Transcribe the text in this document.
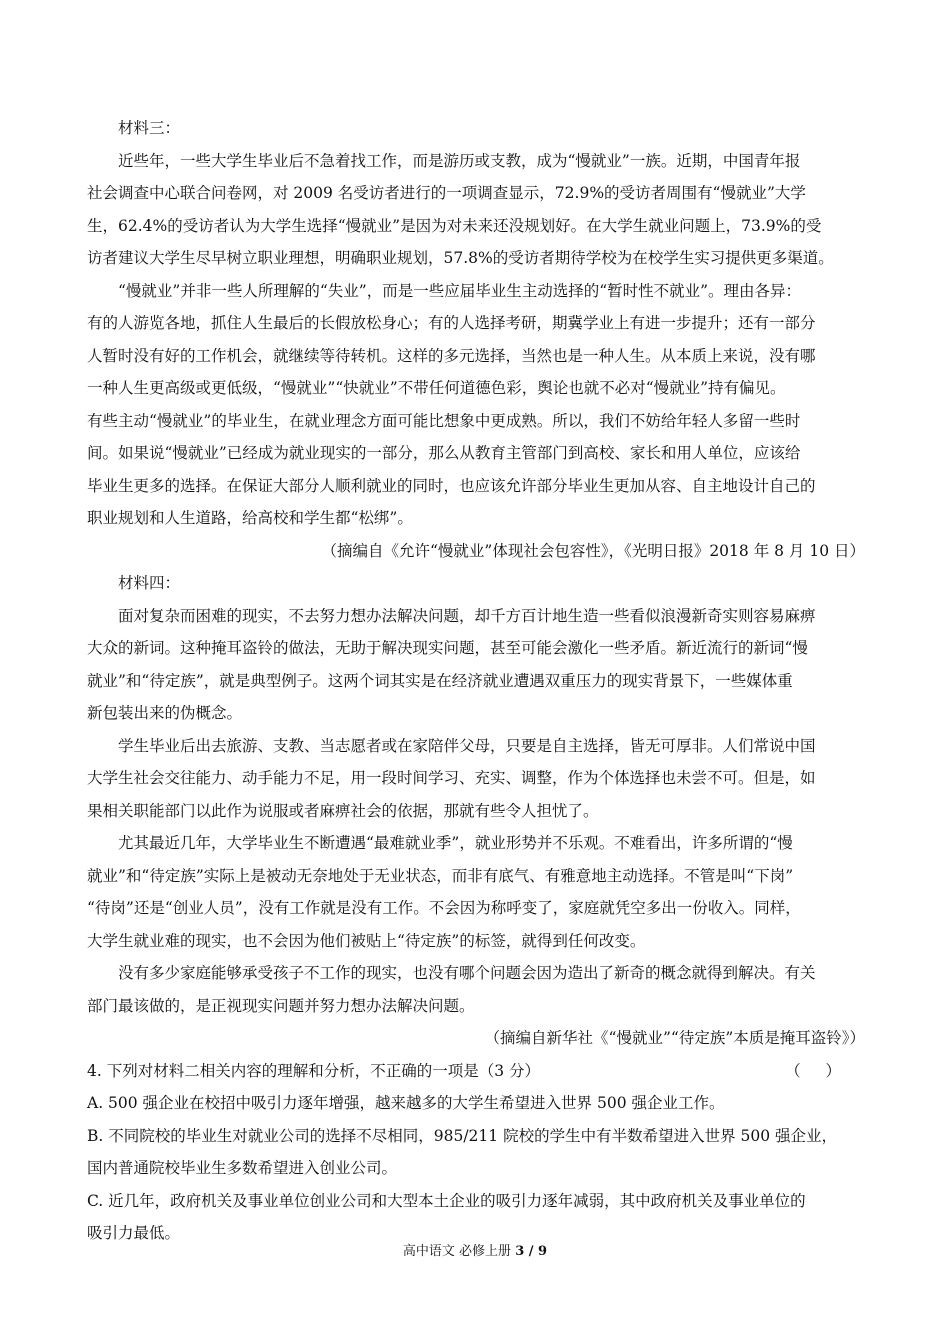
材料三：
近些年，一些大学生毕业后不急着找工作，而是游历或支教，成为“慢就业”一族。近期，中国青年报
社会调查中心联合问卷网，对 2009 名受访者进行的一项调查显示，72.9%的受访者周围有“慢就业”大学
生，62.4%的受访者认为大学生选择“慢就业”是因为对未来还没规划好。在大学生就业问题上，73.9%的受
访者建议大学生尽早树立职业理想，明确职业规划，57.8%的受访者期待学校为在校学生实习提供更多渠道。
“慢就业”并非一些人所理解的“失业”，而是一些应届毕业生主动选择的“暂时性不就业”。理由各异：
有的人游览各地，抓住人生最后的长假放松身心；有的人选择考研，期冀学业上有进一步提升；还有一部分
人暂时没有好的工作机会，就继续等待转机。这样的多元选择，当然也是一种人生。从本质上来说，没有哪
一种人生更高级或更低级，“慢就业”“快就业”不带任何道德色彩，舆论也就不必对“慢就业”持有偏见。
有些主动“慢就业”的毕业生，在就业理念方面可能比想象中更成熟。所以，我们不妨给年轻人多留一些时
间。如果说“慢就业”已经成为就业现实的一部分，那么从教育主管部门到高校、家长和用人单位，应该给
毕业生更多的选择。在保证大部分人顺利就业的同时，也应该允许部分毕业生更加从容、自主地设计自己的
职业规划和人生道路，给高校和学生都“松绑”。
（摘编自《允许“慢就业”体现社会包容性》，《光明日报》2018 年 8 月 10 日）
材料四：
面对复杂而困难的现实，不去努力想办法解决问题，却千方百计地生造一些看似浪漫新奇实则容易麻痹
大众的新词。这种掩耳盗铃的做法，无助于解决现实问题，甚至可能会激化一些矛盾。新近流行的新词“慢
就业”和“待定族”，就是典型例子。这两个词其实是在经济就业遭遇双重压力的现实背景下，一些媒体重
新包装出来的伪概念。
学生毕业后出去旅游、支教、当志愿者或在家陪伴父母，只要是自主选择，皆无可厚非。人们常说中国
大学生社会交往能力、动手能力不足，用一段时间学习、充实、调整，作为个体选择也未尝不可。但是，如
果相关职能部门以此作为说服或者麻痹社会的依据，那就有些令人担忧了。
尤其最近几年，大学毕业生不断遭遇“最难就业季”，就业形势并不乐观。不难看出，许多所谓的“慢
就业”和“待定族”实际上是被动无奈地处于无业状态，而非有底气、有雅意地主动选择。不管是叫“下岗”
“待岗”还是“创业人员”，没有工作就是没有工作。不会因为称呼变了，家庭就凭空多出一份收入。同样，
大学生就业难的现实，也不会因为他们被贴上“待定族”的标签，就得到任何改变。
没有多少家庭能够承受孩子不工作的现实，也没有哪个问题会因为造出了新奇的概念就得到解决。有关
部门最该做的，是正视现实问题并努力想办法解决问题。
（摘编自新华社《“慢就业”“待定族”本质是掩耳盗铃》）
4. 下列对材料二相关内容的理解和分析，不正确的一项是（3 分）	（ ）
A. 500 强企业在校招中吸引力逐年增强，越来越多的大学生希望进入世界 500 强企业工作。
B. 不同院校的毕业生对就业公司的选择不尽相同，985/211 院校的学生中有半数希望进入世界 500 强企业，
国内普通院校毕业生多数希望进入创业公司。
C. 近几年，政府机关及事业单位创业公司和大型本土企业的吸引力逐年减弱，其中政府机关及事业单位的
吸引力最低。
高中语文 必修上册 3 / 9
